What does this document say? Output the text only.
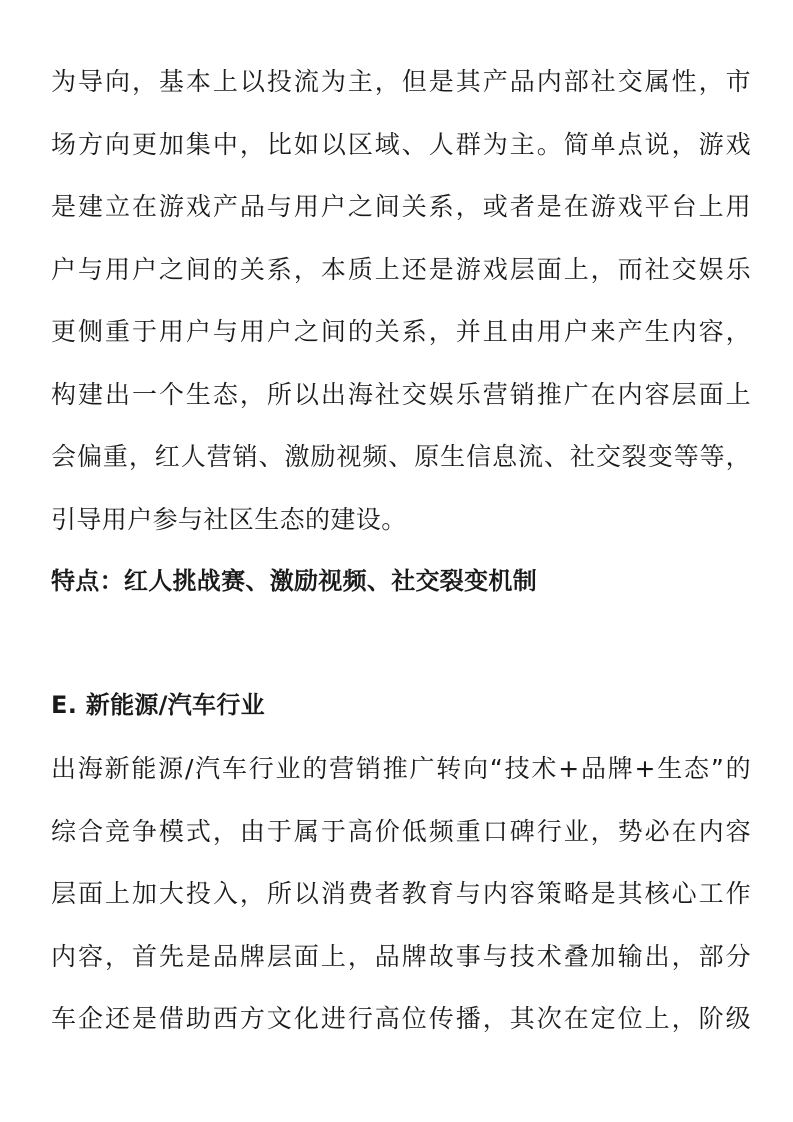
为导向，基本上以投流为主，但是其产品内部社交属性，市
场方向更加集中，比如以区域、人群为主。简单点说，游戏
是建立在游戏产品与用户之间关系，或者是在游戏平台上用
户与用户之间的关系，本质上还是游戏层面上，而社交娱乐
更侧重于用户与用户之间的关系，并且由用户来产生内容，
构建出一个生态，所以出海社交娱乐营销推广在内容层面上
会偏重，红人营销、激励视频、原生信息流、社交裂变等等，
引导用户参与社区生态的建设。
特点：红人挑战赛、激励视频、社交裂变机制
E. 新能源/汽车行业
出海新能源/汽车行业的营销推广转向“技术+品牌+生态”的
综合竞争模式，由于属于高价低频重口碑行业，势必在内容
层面上加大投入，所以消费者教育与内容策略是其核心工作
内容，首先是品牌层面上，品牌故事与技术叠加输出，部分
车企还是借助西方文化进行高位传播，其次在定位上，阶级
